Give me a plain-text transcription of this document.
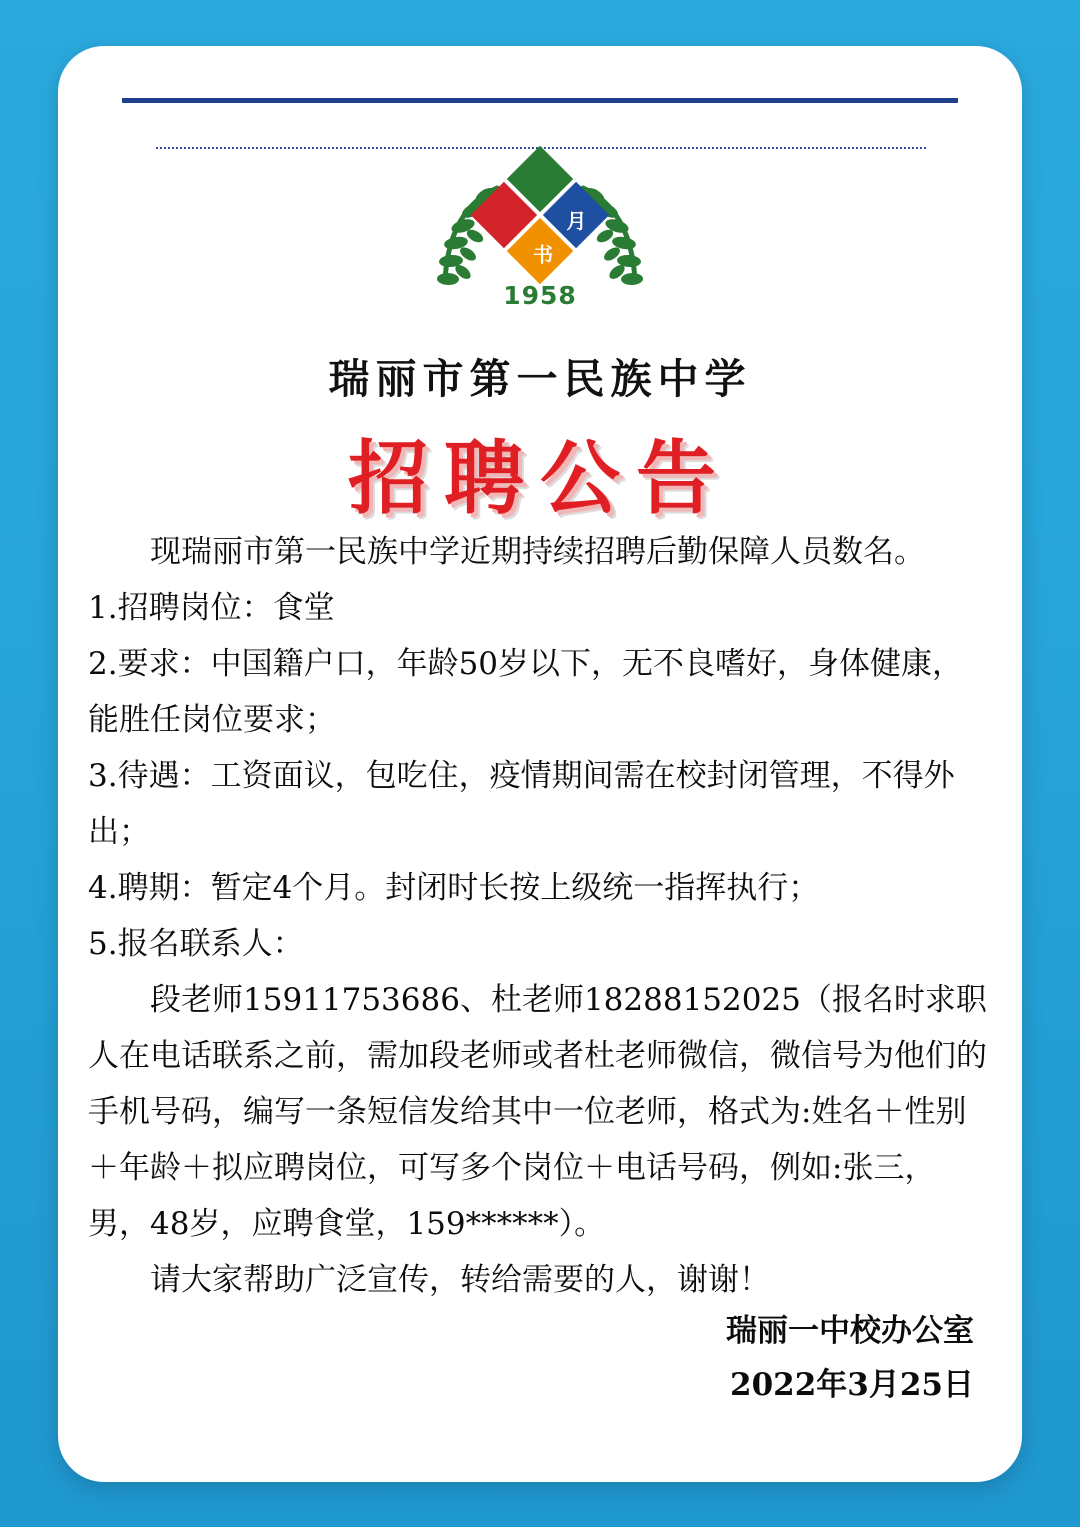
月
书
1958
瑞丽市第一民族中学
招聘公告

现瑞丽市第一民族中学近期持续招聘后勤保障人员数名。

1.招聘岗位：食堂

2.要求：中国籍户口，年龄50岁以下，无不良嗜好，身体健康，能胜任岗位要求；

3.待遇：工资面议，包吃住，疫情期间需在校封闭管理，不得外出；

4.聘期：暂定4个月。封闭时长按上级统一指挥执行；

5.报名联系人：

段老师15911753686、杜老师18288152025（报名时求职人在电话联系之前，需加段老师或者杜老师微信，微信号为他们的手机号码，编写一条短信发给其中一位老师，格式为:姓名＋性别＋年龄＋拟应聘岗位，可写多个岗位＋电话号码，例如:张三，男，48岁，应聘食堂，159******）。

请大家帮助广泛宣传，转给需要的人，谢谢！

瑞丽一中校办公室
2022年3月25日
